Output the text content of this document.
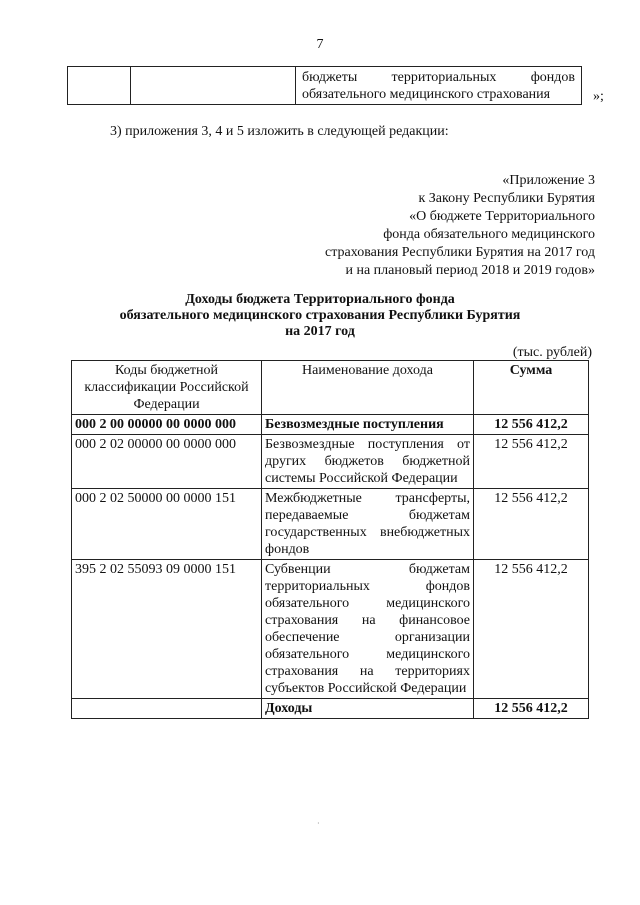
7
		бюджеты территориальных фондов обязательного медицинского страхования	»;
3) приложения 3, 4 и 5 изложить в следующей редакции:
«Приложение 3
к Закону Республики Бурятия
«О бюджете Территориального
фонда обязательного медицинского
страхования Республики Бурятия на 2017 год
и на плановый период 2018 и 2019 годов»
Доходы бюджета Территориального фонда
обязательного медицинского страхования Республики Бурятия
на 2017 год
(тыс. рублей)
Коды бюджетной классификации Российской Федерации	Наименование дохода	Сумма
000 2 00 00000 00 0000 000	Безвозмездные поступления	12 556 412,2
000 2 02 00000 00 0000 000	Безвозмездные поступления от других бюджетов бюджетной системы Российской Федерации	12 556 412,2
000 2 02 50000 00 0000 151	Межбюджетные трансферты, передаваемые бюджетам государственных внебюджетных фондов	12 556 412,2
395 2 02 55093 09 0000 151	Субвенции бюджетам территориальных фондов обязательного медицинского страхования на финансовое обеспечение организации обязательного медицинского страхования на территориях субъектов Российской Федерации	12 556 412,2
	Доходы	12 556 412,2
·
